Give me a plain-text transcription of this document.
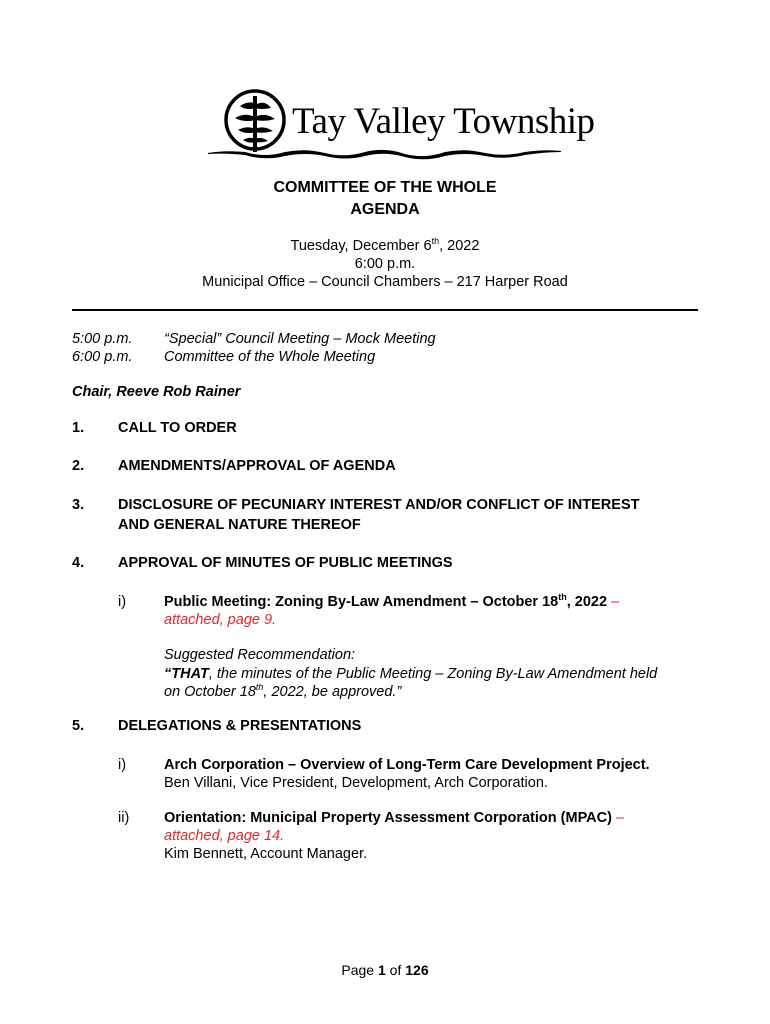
Tay Valley Township
COMMITTEE OF THE WHOLE
AGENDA
Tuesday, December 6th, 2022
6:00 p.m.
Municipal Office – Council Chambers – 217 Harper Road
5:00 p.m. “Special” Council Meeting – Mock Meeting
6:00 p.m. Committee of the Whole Meeting
Chair, Reeve Rob Rainer
1. CALL TO ORDER
2. AMENDMENTS/APPROVAL OF AGENDA
3. DISCLOSURE OF PECUNIARY INTEREST AND/OR CONFLICT OF INTEREST
AND GENERAL NATURE THEREOF
4. APPROVAL OF MINUTES OF PUBLIC MEETINGS
i)	Public Meeting: Zoning By-Law Amendment – October 18th, 2022 –
attached, page 9.
Suggested Recommendation:
“THAT, the minutes of the Public Meeting – Zoning By-Law Amendment held
on October 18th, 2022, be approved.”
5. DELEGATIONS & PRESENTATIONS
i)	Arch Corporation – Overview of Long-Term Care Development Project.
Ben Villani, Vice President, Development, Arch Corporation.
ii) Orientation: Municipal Property Assessment Corporation (MPAC) –
attached, page 14.
Kim Bennett, Account Manager.
Page 1 of 126
